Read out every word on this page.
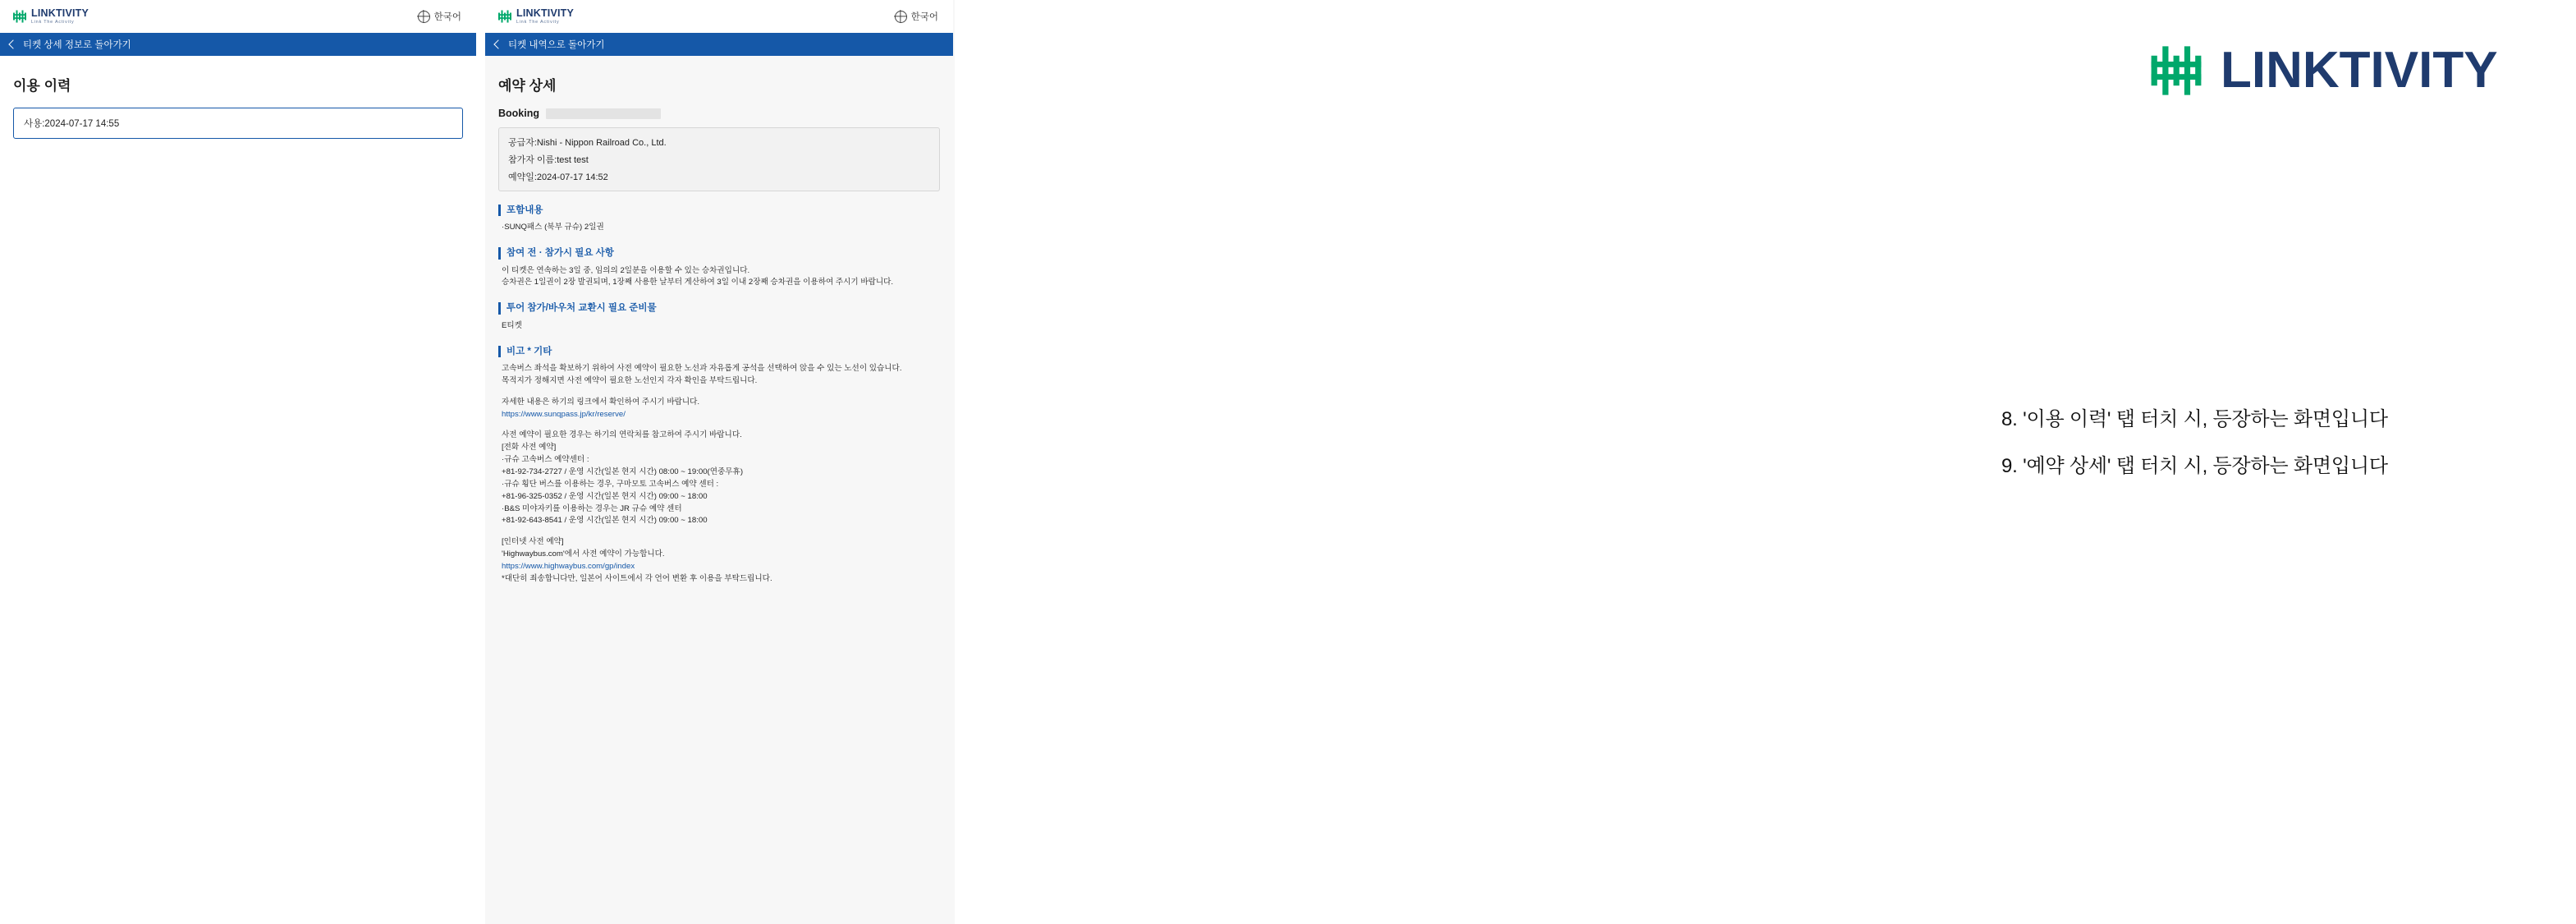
LINKTIVITY
Link The Activity	한국어
티켓 상세 정보로 돌아가기
이용 이력
사용:2024-07-17 14:55
LINKTIVITY
Link The Activity	한국어
티켓 내역으로 돌아가기
예약 상세
Booking

공급자:Nishi - Nippon Railroad Co., Ltd.

참가자 이름:test test

예약일:2024-07-17 14:52

포함내용

·SUNQ패스 (북부 규슈) 2일권

참여 전 · 참가시 필요 사항

이 티켓은 연속하는 3일 중, 임의의 2일분을 이용할 수 있는 승차권입니다.

승차권은 1일권이 2장 발권되며, 1장째 사용한 날부터 게산하여 3일 이내 2장째 승차권을 이용하여 주시기 바랍니다.

투어 참가/바우처 교환시 필요 준비물

E티켓

비고 * 기타

고속버스 좌석을 확보하기 위하여 사전 예약이 필요한 노선과 자유롭게 공석을 선택하여 앉을 수 있는 노선이 있습니다.

목적지가 정해지면 사전 예약이 필요한 노선인지 각자 확인을 부탁드립니다.

자세한 내용은 하기의 링크에서 확인하여 주시기 바랍니다.

https://www.sunqpass.jp/kr/reserve/

사전 예약이 필요한 경우는 하기의 연락처를 참고하여 주시기 바랍니다.

[전화 사전 예약]

·규슈 고속버스 예약센터 :

+81-92-734-2727 / 운영 시간(일본 현지 시간) 08:00 ~ 19:00(연중무휴)

·규슈 횡단 버스를 이용하는 경우, 구마모토 고속버스 예약 센터 :

+81-96-325-0352 / 운영 시간(일본 현지 시간) 09:00 ~ 18:00

·B&S 미야자키를 이용하는 경우는 JR 규슈 예약 센터

+81-92-643-8541 / 운영 시간(일본 현지 시간) 09:00 ~ 18:00

[인터넷 사전 예약]

'Highwaybus.com'에서 사전 예약이 가능합니다.

https://www.highwaybus.com/gp/index

*대단히 죄송합니다만, 일본어 사이트에서 각 언어 변환 후 이용을 부탁드립니다.

LINKTIVITY

8. '이용 이력' 탭 터치 시, 등장하는 화면입니다

9. '예약 상세' 탭 터치 시, 등장하는 화면입니다
